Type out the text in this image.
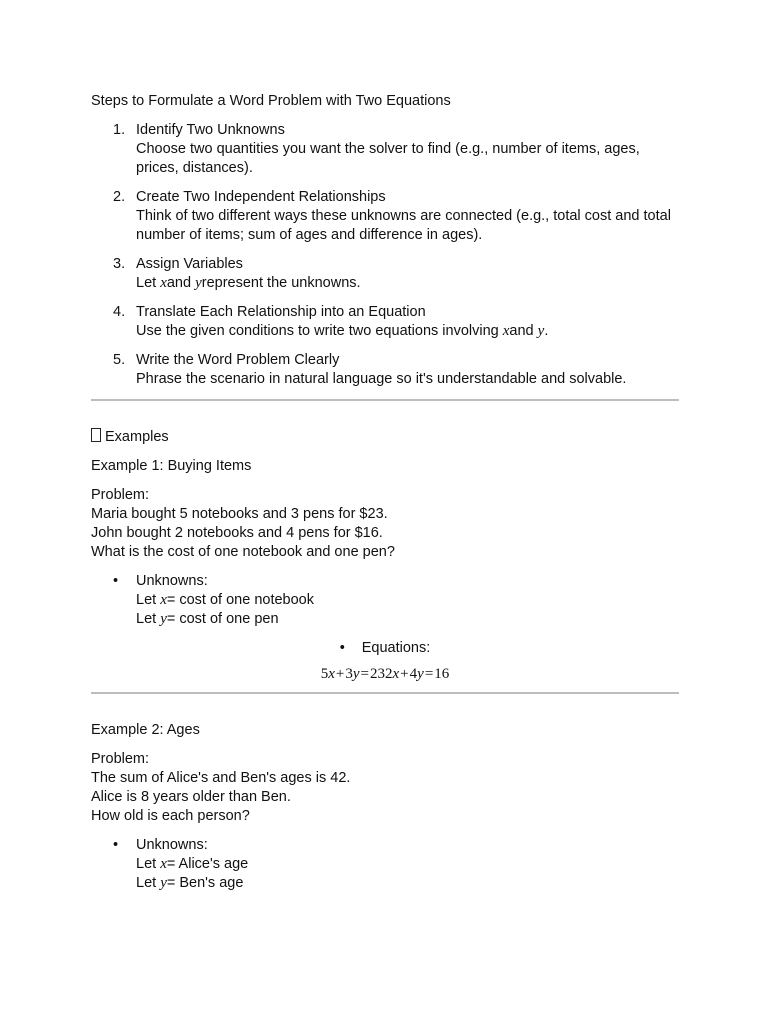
Steps to Formulate a Word Problem with Two Equations
1. Identify Two Unknowns
Choose two quantities you want the solver to find (e.g., number of items, ages, prices, distances).
2. Create Two Independent Relationships
Think of two different ways these unknowns are connected (e.g., total cost and total number of items; sum of ages and difference in ages).
3. Assign Variables
Let xand yrepresent the unknowns.
4. Translate Each Relationship into an Equation
Use the given conditions to write two equations involving xand y.
5. Write the Word Problem Clearly
Phrase the scenario in natural language so it's understandable and solvable.
Examples
Example 1: Buying Items
Problem:
Maria bought 5 notebooks and 3 pens for $23.
John bought 2 notebooks and 4 pens for $16.
What is the cost of one notebook and one pen?
• Unknowns:
Let x= cost of one notebook
Let y= cost of one pen
• Equations:
5x+3y=232x+4y=16
Example 2: Ages
Problem:
The sum of Alice's and Ben's ages is 42.
Alice is 8 years older than Ben.
How old is each person?
• Unknowns:
Let x= Alice's age
Let y= Ben's age
